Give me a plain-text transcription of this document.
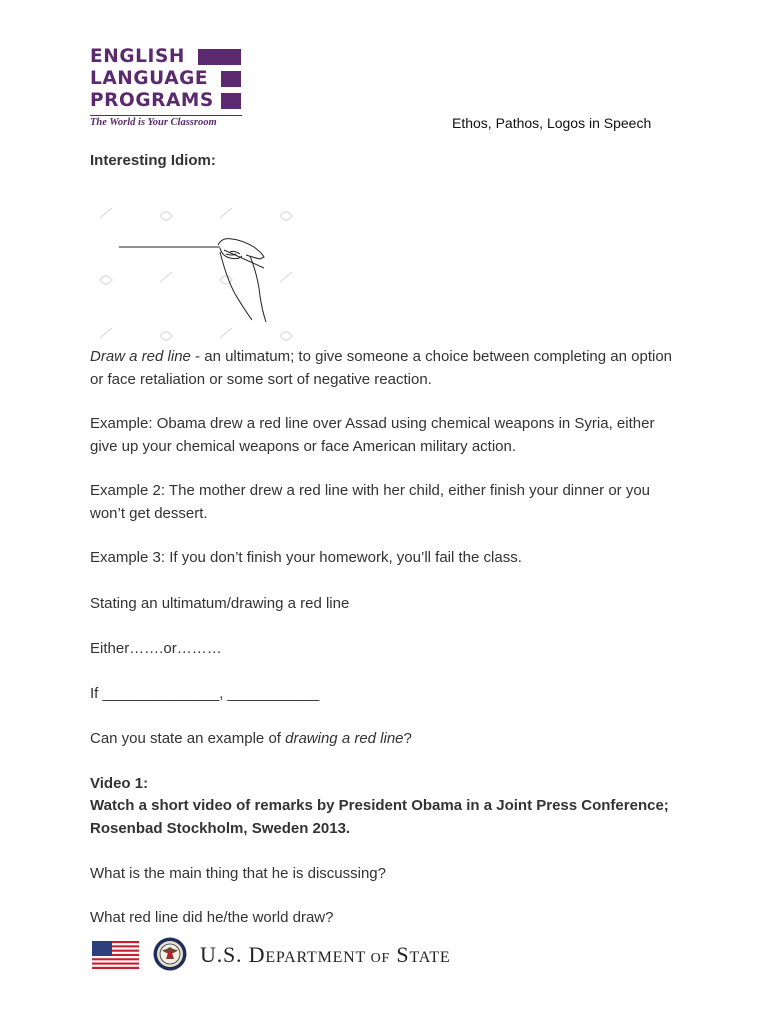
ENGLISH
LANGUAGE
PROGRAMS
The World is Your Classroom	Ethos, Pathos, Logos in Speech

Interesting Idiom:

Draw a red line - an ultimatum; to give someone a choice between completing an option or face retaliation or some sort of negative reaction.

Example: Obama drew a red line over Assad using chemical weapons in Syria, either give up your chemical weapons or face American military action.

Example 2: The mother drew a red line with her child, either finish your dinner or you won’t get dessert.

Example 3: If you don’t finish your homework, you’ll fail the class.

Stating an ultimatum/drawing a red line

Either…….or………

If ______________, ___________

Can you state an example of drawing a red line?

Video 1:

Watch a short video of remarks by President Obama in a Joint Press Conference; Rosenbad Stockholm, Sweden 2013.

What is the main thing that he is discussing?

What red line did he/the world draw?

U.S. DEPARTMENT OF STATE
